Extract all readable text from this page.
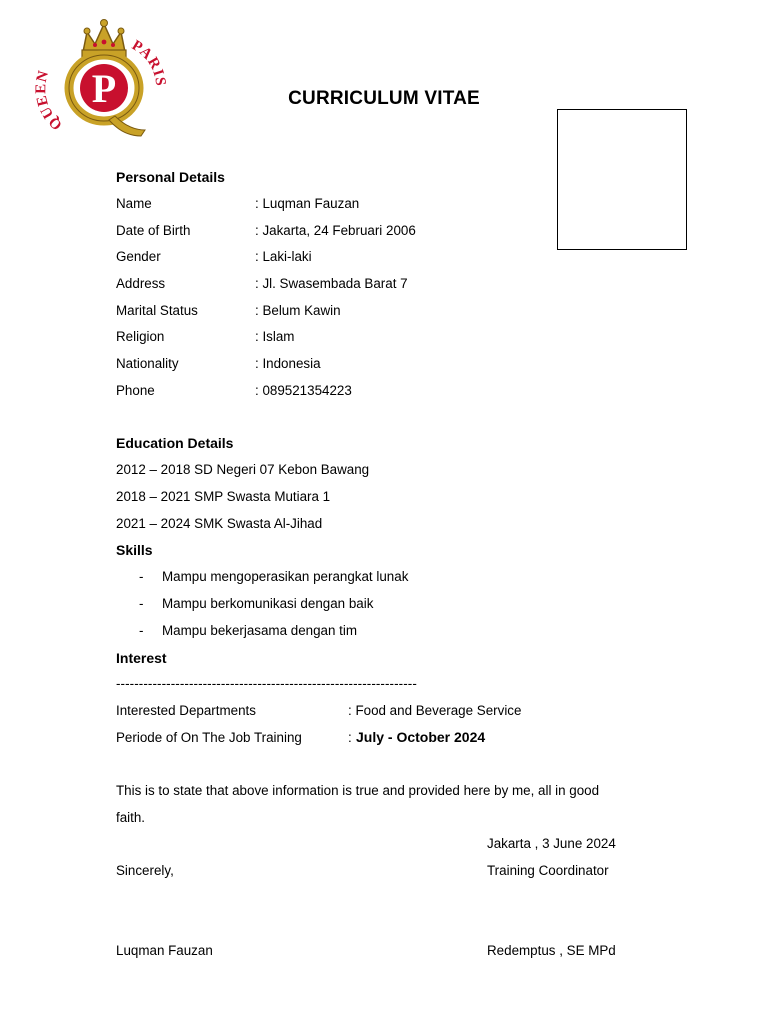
P
QUEEN
PARIS
CURRICULUM VITAE
Personal Details
Name	: Luqman Fauzan
Date of Birth	: Jakarta, 24 Februari 2006
Gender	: Laki-laki
Address	: Jl. Swasembada Barat 7
Marital Status	: Belum Kawin
Religion	: Islam
Nationality	: Indonesia
Phone	: 089521354223
Education Details
2012 – 2018 SD Negeri 07 Kebon Bawang
2018 – 2021 SMP Swasta Mutiara 1
2021 – 2024 SMK Swasta Al-Jihad
Skills
- Mampu mengoperasikan perangkat lunak
- Mampu berkomunikasi dengan baik
- Mampu bekerjasama dengan tim
Interest
------------------------------------------------------------------
Interested Departments	: Food and Beverage Service
Periode of On The Job Training	: July - October 2024
This is to state that above information is true and provided here by me, all in good
faith.
Jakarta , 3 June 2024
Sincerely,	Training Coordinator
Luqman Fauzan	Redemptus , SE MPd
